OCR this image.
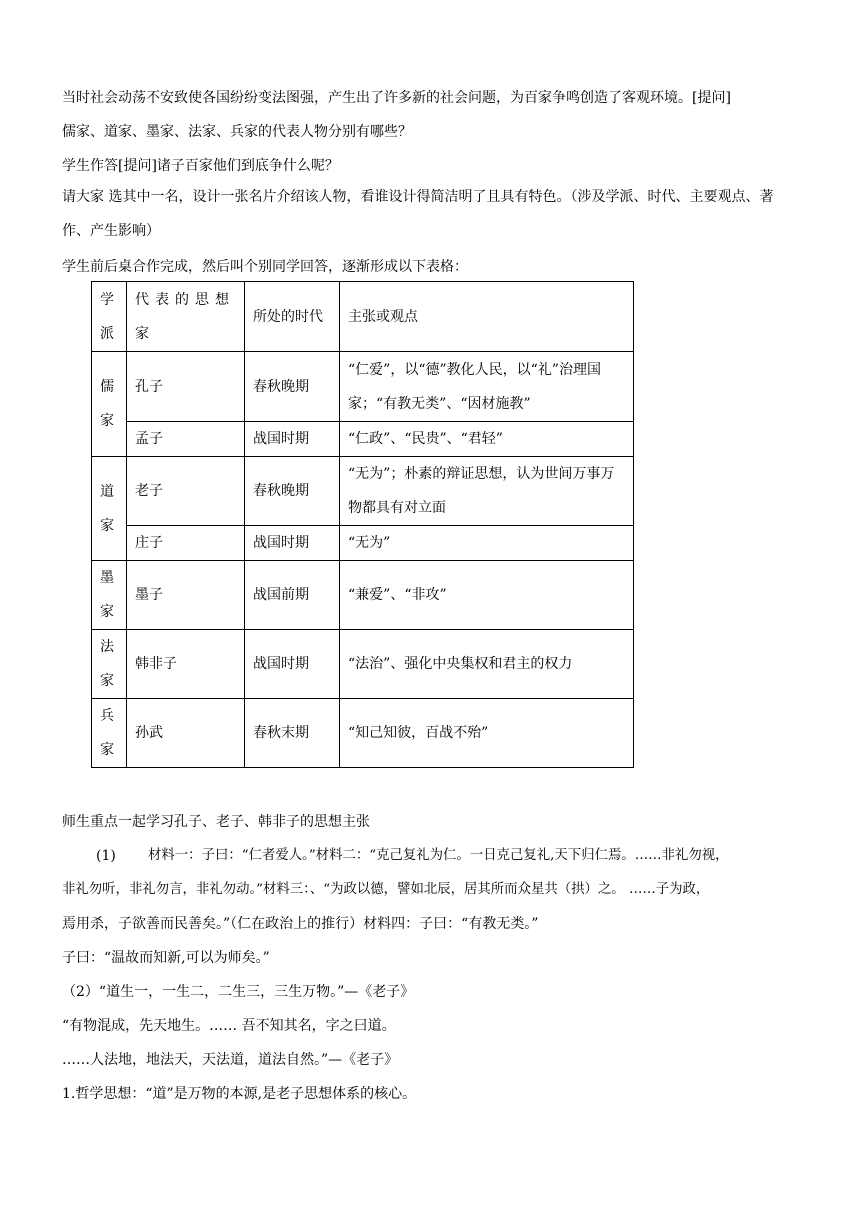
当时社会动荡不安致使各国纷纷变法图强，产生出了许多新的社会问题，为百家争鸣创造了客观环境。[提问]
儒家、道家、墨家、法家、兵家的代表人物分别有哪些？
学生作答[提问]诸子百家他们到底争什么呢？
请大家 选其中一名，设计一张名片介绍该人物，看谁设计得简洁明了且具有特色。（涉及学派、时代、主要观点、著作、产生影响）
学生前后桌合作完成，然后叫个别同学回答，逐渐形成以下表格：
学派	代表的思想家	所处的时代	主张或观点
儒家	孔子	春秋晚期	“仁爱”，以“德”教化人民，以“礼”治理国家；“有教无类”、“因材施教”
	孟子	战国时期	“仁政”、“民贵”、“君轻”
道家	老子	春秋晚期	“无为”；朴素的辩证思想，认为世间万事万物都具有对立面
	庄子	战国时期	“无为”
墨家	墨子	战国前期	“兼爱”、“非攻”
法家	韩非子	战国时期	“法治”、强化中央集权和君主的权力
兵家	孙武	春秋末期	“知己知彼，百战不殆”
师生重点一起学习孔子、老子、韩非子的思想主张
(1) 材料一：子曰：“仁者爱人。”材料二：“克己复礼为仁。一日克己复礼,天下归仁焉。……非礼勿视，
非礼勿听，非礼勿言，非礼勿动。”材料三：、“为政以德，譬如北辰，居其所而众星共（拱）之。 ……子为政，
焉用杀，子欲善而民善矣。”（仁在政治上的推行）材料四：子曰：“有教无类。”
子曰：“温故而知新,可以为师矣。”
（2）“道生一，一生二，二生三，三生万物。”—《老子》
“有物混成，先天地生。…… 吾不知其名，字之曰道。
……人法地，地法天，天法道，道法自然。”—《老子》
1.哲学思想：“道”是万物的本源,是老子思想体系的核心。
